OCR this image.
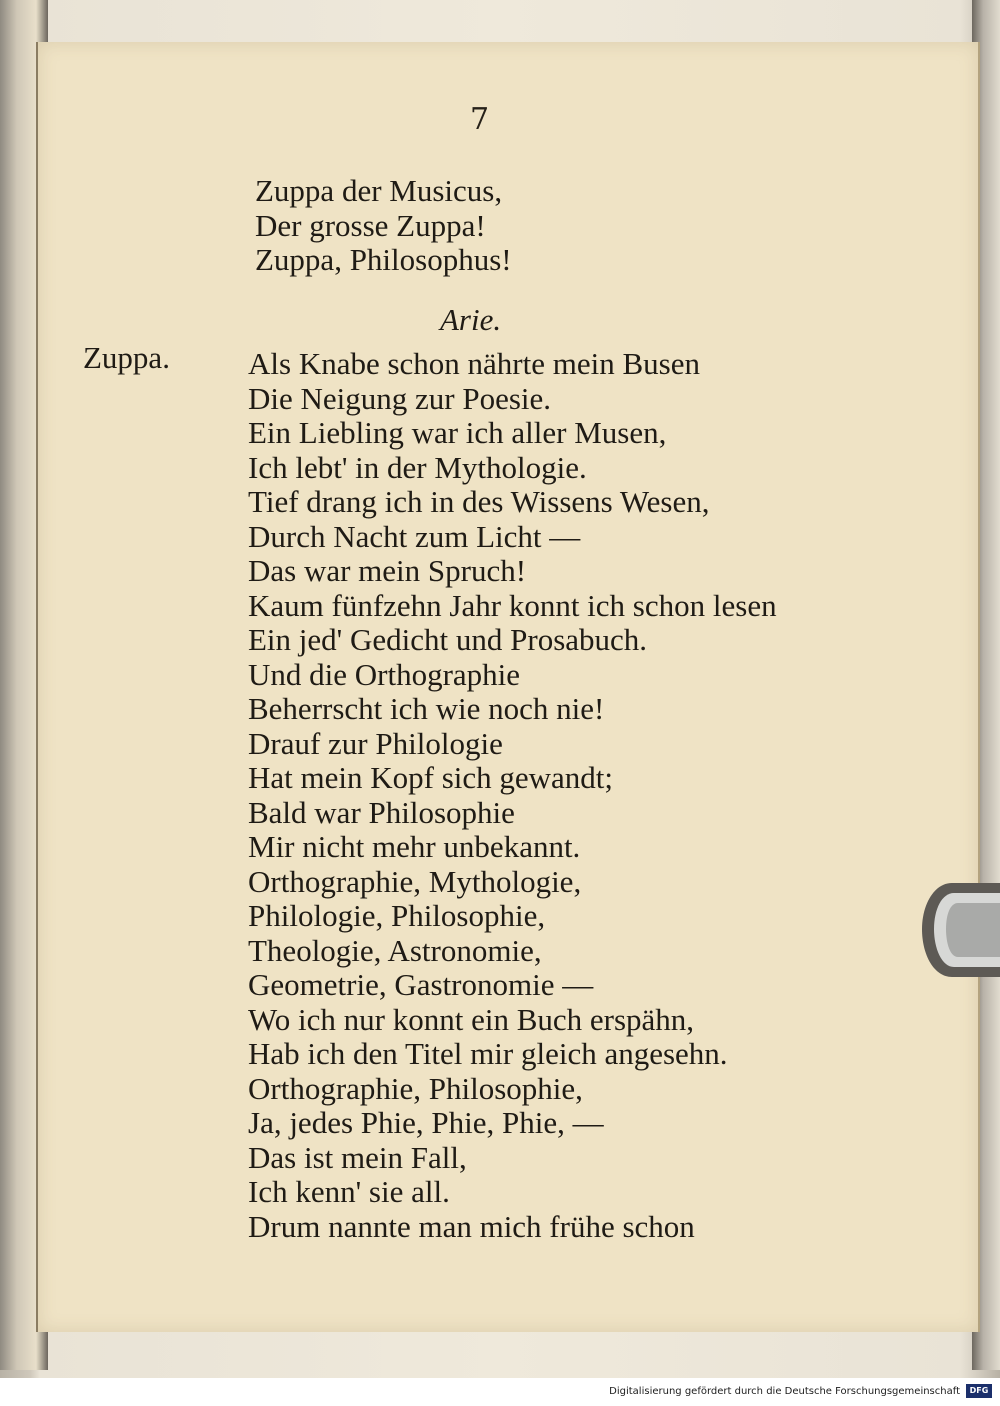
7
Zuppa der Musicus,
Der grosse Zuppa!
Zuppa, Philosophus!
Arie.
Zuppa.	Als Knabe schon nährte mein Busen
Die Neigung zur Poesie.
Ein Liebling war ich aller Musen,
Ich lebt' in der Mythologie.
Tief drang ich in des Wissens Wesen,
Durch Nacht zum Licht —
Das war mein Spruch!
Kaum fünfzehn Jahr konnt ich schon lesen
Ein jed' Gedicht und Prosabuch.
Und die Orthographie
Beherrscht ich wie noch nie!
Drauf zur Philologie
Hat mein Kopf sich gewandt;
Bald war Philosophie
Mir nicht mehr unbekannt.
Orthographie, Mythologie,
Philologie, Philosophie,
Theologie, Astronomie,
Geometrie, Gastronomie —
Wo ich nur konnt ein Buch erspähn,
Hab ich den Titel mir gleich angesehn.
Orthographie, Philosophie,
Ja, jedes Phie, Phie, Phie, —
Das ist mein Fall,
Ich kenn' sie all.
Drum nannte man mich frühe schon
Digitalisierung gefördert durch die Deutsche Forschungsgemeinschaft	DFG
